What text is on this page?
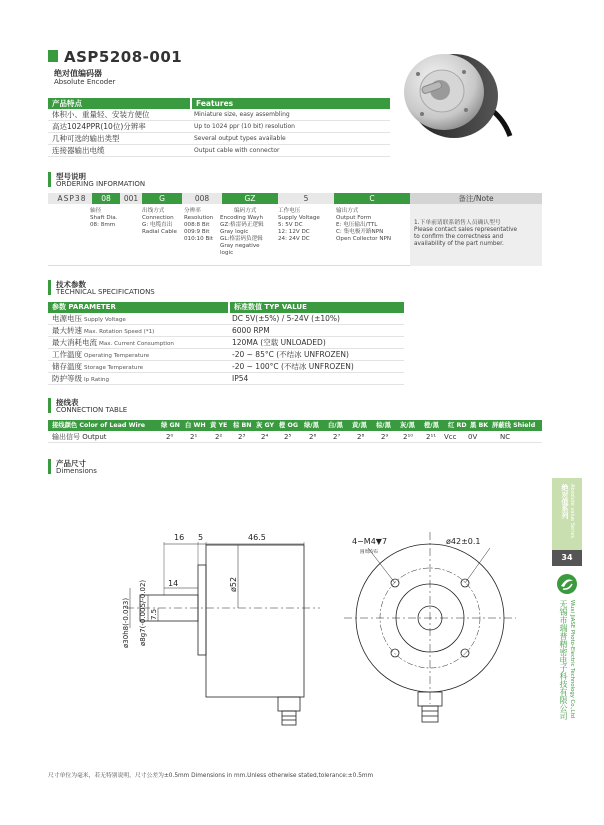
ASP5208-001
绝对值编码器
Absolute Encoder
产品特点	Features
体积小、重量轻、安装方便位	Miniature size, easy assembling
高达1024PPR(10位)分辨率	Up to 1024 ppr (10 bit) resolution
几种可选的输出类型	Several output types available
连接器输出电缆	Output cable with connector
型号说明
ORDERING INFORMATION
ASP38	08	001	G	008	GZ	5	C	备注/Note
轴径
Shaft Dia.
08: 8mm
出线方式
Connection
G: 电缆直出
Radial Cable
分辨率
Resolution
008:8 Bit
009:9 Bit
010:10 Bit
编码方式
Encoding Wayh
GZ:格雷码正逻辑
Gray logic
GL:格雷码负逻辑
Gray negative
logic
工作电压
Supply Voltage
5: 5V DC
12: 12V DC
24: 24V DC
输出方式
Output Form
E: 电压输出/TTL
C: 集电极开路NPN
Open Collector NPN
1.下单前请联系销售人员确认型号
Please contact sales representative
to confirm the correctness and
availability of the part number.
技术参数
TECHNICAL SPECIFICATIONS
参数 PARAMETER	标准数值 TYP VALUE
电源电压 Supply Voltage	DC 5V(±5%) / 5-24V (±10%)
最大转速 Max. Rotation Speed (*1)	6000 RPM
最大消耗电流 Max. Current Consumption	120MA (空载 UNLOADED)
工作温度 Operating Temperature	-20 ~ 85°C (不结冰 UNFROZEN)
储存温度 Storage Temperature	-20 ~ 100°C (不结冰 UNFROZEN)
防护等级 Ip Rating	IP54
接线表
CONNECTION TABLE
接线颜色 Color of Lead Wire	绿 GN 白 WH 黄 YE 棕 BN 灰 GY 橙 OG 绿/黑 白/黑 黄/黑 棕/黑 灰/黑 橙/黑 红 RD 黑 BK 屏蔽线 Shield
输出信号 Output	2⁰ 2¹	2² 2³ 2⁴ 2⁵	2⁶ 2⁷ 2⁸ 2⁹ 2¹⁰ 2¹¹ Vcc 0V	NC
产品尺寸
Dimensions
16 5	46.5
14
7.5
ø52
ø30h8(-0.033) ø8g7(-0.005/-0.02)
4−M4▼7
圆周均布
ø42±0.1
绝对值系列 Absolute value Series
34
无锡市瑞普精密电子科技有限公司 Wuxi JiASE Photo-Electric Technology Co.,Ltd
尺寸单位为毫米，若无特别说明，尺寸公差为±0.5mm Dimensions in mm.Unless otherwise stated,tolerance:±0.5mm
